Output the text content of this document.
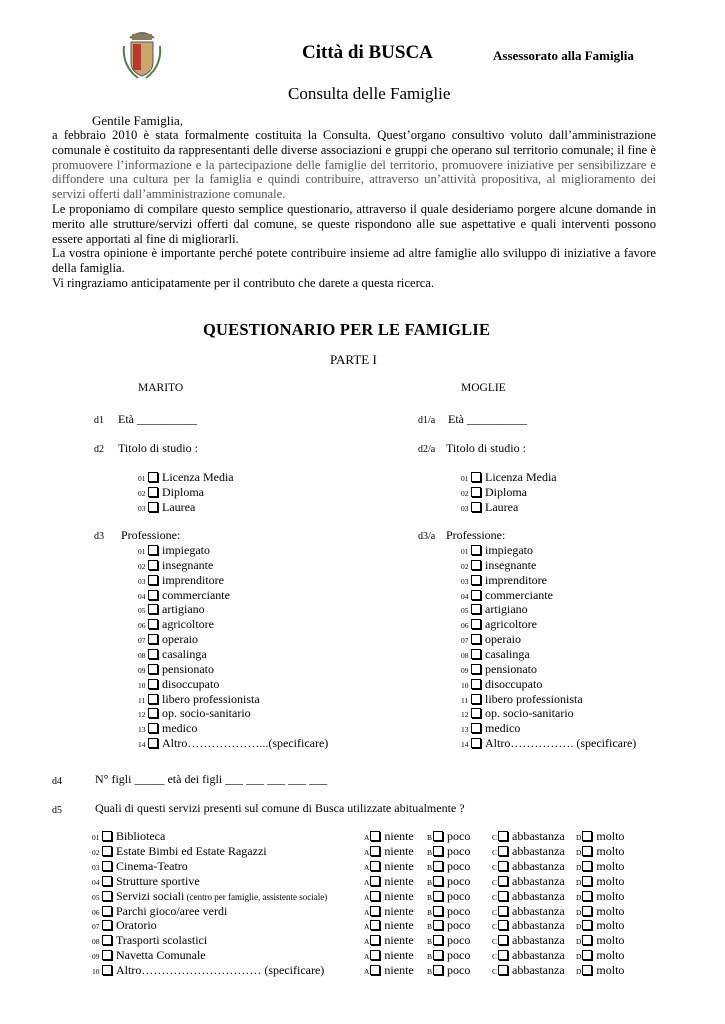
Città di BUSCA	Assessorato alla Famiglia
Consulta delle Famiglie
Gentile Famiglia,
a febbraio 2010 è stata formalmente costituita la Consulta. Quest’organo consultivo voluto dall’amministrazione comunale è costituito da rappresentanti delle diverse associazioni e gruppi che operano sul territorio comunale; il fine è promuovere l’informazione e la partecipazione delle famiglie del territorio, promuovere iniziative per sensibilizzare e diffondere una cultura per la famiglia e quindi contribuire, attraverso un’attività propositiva, al miglioramento dei servizi offerti dall’amministrazione comunale.
Le proponiamo di compilare questo semplice questionario, attraverso il quale desideriamo porgere alcune domande in merito alle strutture/servizi offerti dal comune, se queste rispondono alle sue aspettative e quali interventi possono essere apportati al fine di migliorarli.
La vostra opinione è importante perché potete contribuire insieme ad altre famiglie allo sviluppo di iniziative a favore della famiglia.
Vi ringraziamo anticipatamente per il contributo che darete a questa ricerca.
QUESTIONARIO PER LE FAMIGLIE
PARTE I
MARITO	MOGLIE
d1 Età __________	d1/a Età __________
d2 Titolo di studio :	d2/a Titolo di studio :
01 Licenza Media
02 Diploma
03 Laurea
01 Licenza Media
02 Diploma
03 Laurea
d3 Professione:	d3/a Professione:
01 impiegato
02 insegnante
03 imprenditore
04 commerciante
05 artigiano
06 agricoltore
07 operaio
08 casalinga
09 pensionato
10 disoccupato
11 libero professionista
12 op. socio-sanitario
13 medico
14 Altro………………...(specificare)
01 impiegato
02 insegnante
03 imprenditore
04 commerciante
05 artigiano
06 agricoltore
07 operaio
08 casalinga
09 pensionato
10 disoccupato
11 libero professionista
12 op. socio-sanitario
13 medico
14 Altro……………. (specificare)
d4	N° figli _____ età dei figli ___ ___ ___ ___ ___
d5	Quali di questi servizi presenti sul comune di Busca utilizzate abitualmente ?
01 Biblioteca	A niente B poco	C abbastanza D molto
02 Estate Bimbi ed Estate Ragazzi	A niente B poco	C abbastanza D molto
03 Cinema-Teatro	A niente B poco	C abbastanza D molto
04 Strutture sportive	A niente B poco	C abbastanza D molto
05 Servizi sociali (centro per famiglie, assistente sociale)	A niente B poco	C abbastanza D molto
06 Parchi gioco/aree verdi	A niente B poco	C abbastanza D molto
07 Oratorio	A niente B poco	C abbastanza D molto
08 Trasporti scolastici	A niente B poco	C abbastanza D molto
09 Navetta Comunale	A niente B poco	C abbastanza D molto
10 Altro………………………… (specificare)	A niente B poco	C abbastanza D molto
